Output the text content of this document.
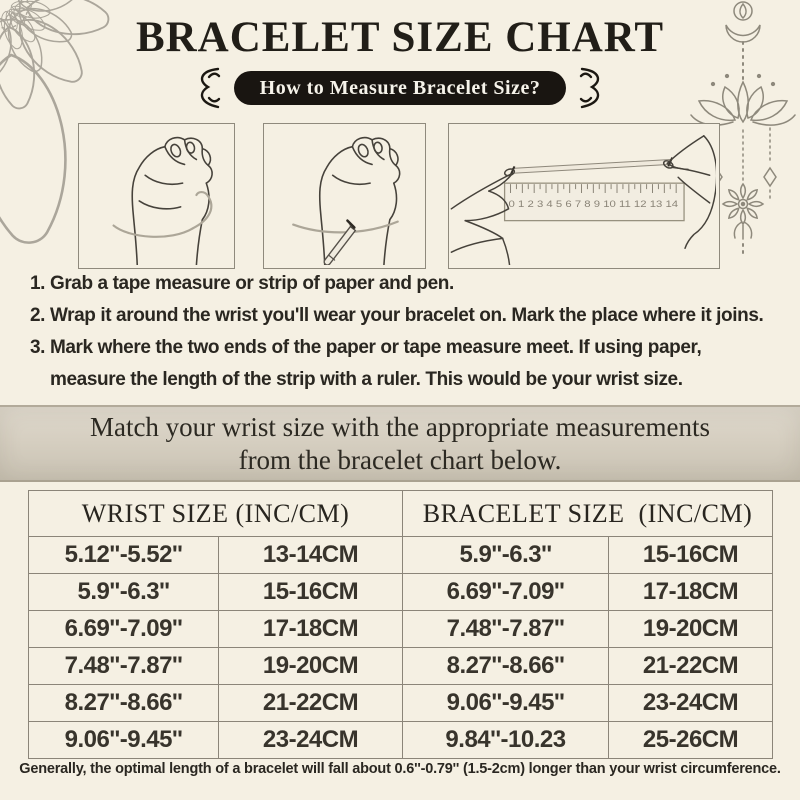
BRACELET SIZE CHART
How to Measure Bracelet Size?
0 1 2 3 4 5 6 7 8 9 10 11 12 13 14
1. Grab a tape measure or strip of paper and pen.
2. Wrap it around the wrist you'll wear your bracelet on. Mark the place where it joins.
3. Mark where the two ends of the paper or tape measure meet. If using paper, measure the length of the strip with a ruler. This would be your wrist size.
Match your wrist size with the appropriate measurements
from the bracelet chart below.
WRIST SIZE (INC/CM)		BRACELET SIZE  (INC/CM)	
5.12''-5.52''	13-14CM	5.9''-6.3''	15-16CM
5.9''-6.3''	15-16CM	6.69''-7.09''	17-18CM
6.69''-7.09''	17-18CM	7.48''-7.87''	19-20CM
7.48''-7.87''	19-20CM	8.27''-8.66''	21-22CM
8.27''-8.66''	21-22CM	9.06''-9.45''	23-24CM
9.06''-9.45''	23-24CM	9.84''-10.23	25-26CM
Generally, the optimal length of a bracelet will fall about 0.6''-0.79'' (1.5-2cm) longer than your wrist circumference.
